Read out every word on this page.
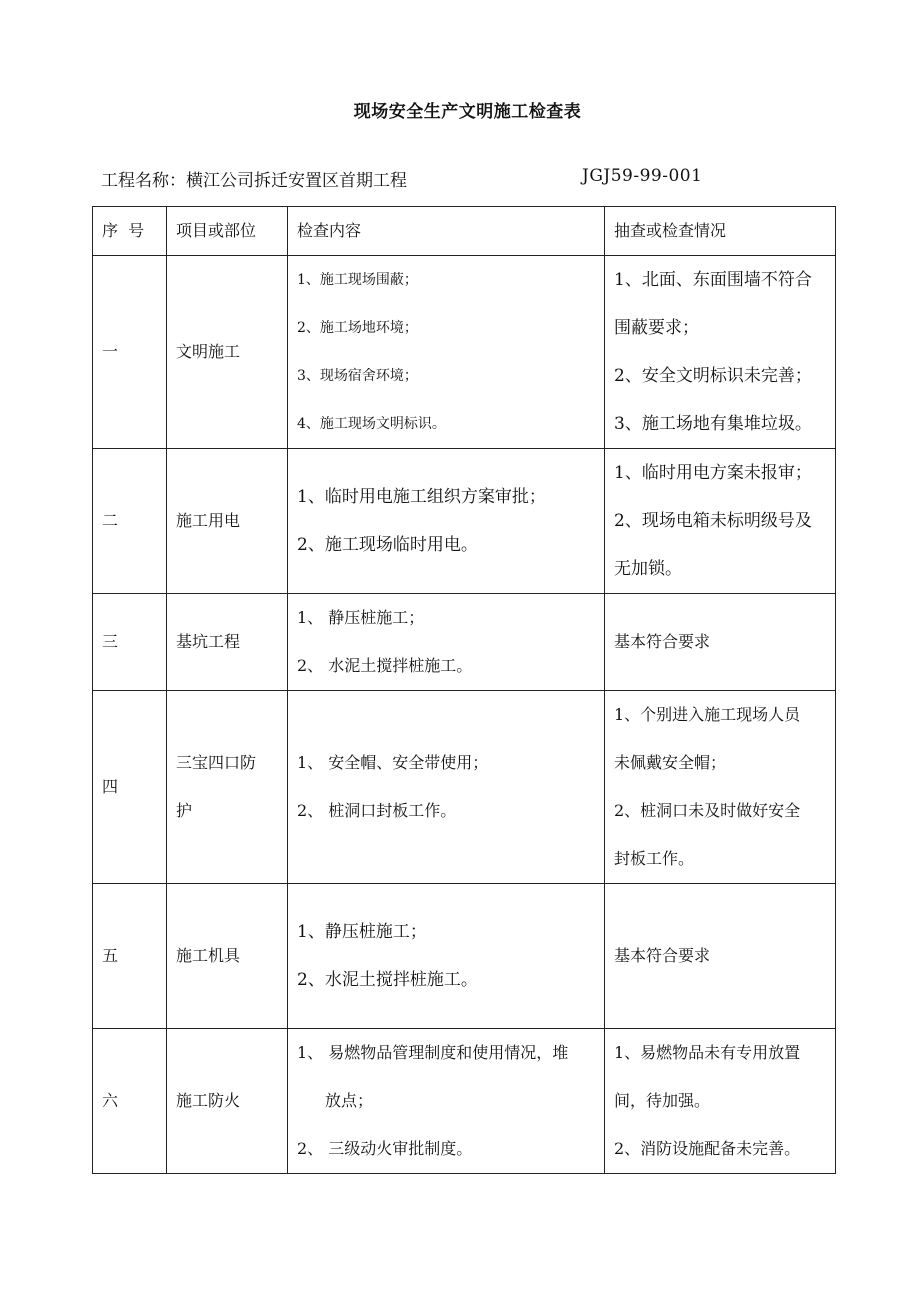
现场安全生产文明施工检查表
工程名称：横江公司拆迁安置区首期工程	JGJ59-99-001
序  号	项目或部位	检查内容	抽查或检查情况
一	文明施工	1、施工现场围蔽；
2、施工场地环境；
3、现场宿舍环境；
4、施工现场文明标识。	1、北面、东面围墙不符合
围蔽要求；
2、安全文明标识未完善；
3、施工场地有集堆垃圾。

二	施工用电	1、临时用电施工组织方案审批；
2、施工现场临时用电。	1、临时用电方案未报审；
2、现场电箱未标明级号及
无加锁。

三	基坑工程	1、 静压桩施工；
2、 水泥土搅拌桩施工。	基本符合要求

四	三宝四口防
护	1、 安全帽、安全带使用；
2、 桩洞口封板工作。	1、个别进入施工现场人员
未佩戴安全帽；
2、桩洞口未及时做好安全
封板工作。

五	施工机具	1、静压桩施工；
2、水泥土搅拌桩施工。	基本符合要求

六	施工防火	1、 易燃物品管理制度和使用情况，堆
放点；
2、 三级动火审批制度。	1、易燃物品未有专用放置
间，待加强。
2、消防设施配备未完善。
